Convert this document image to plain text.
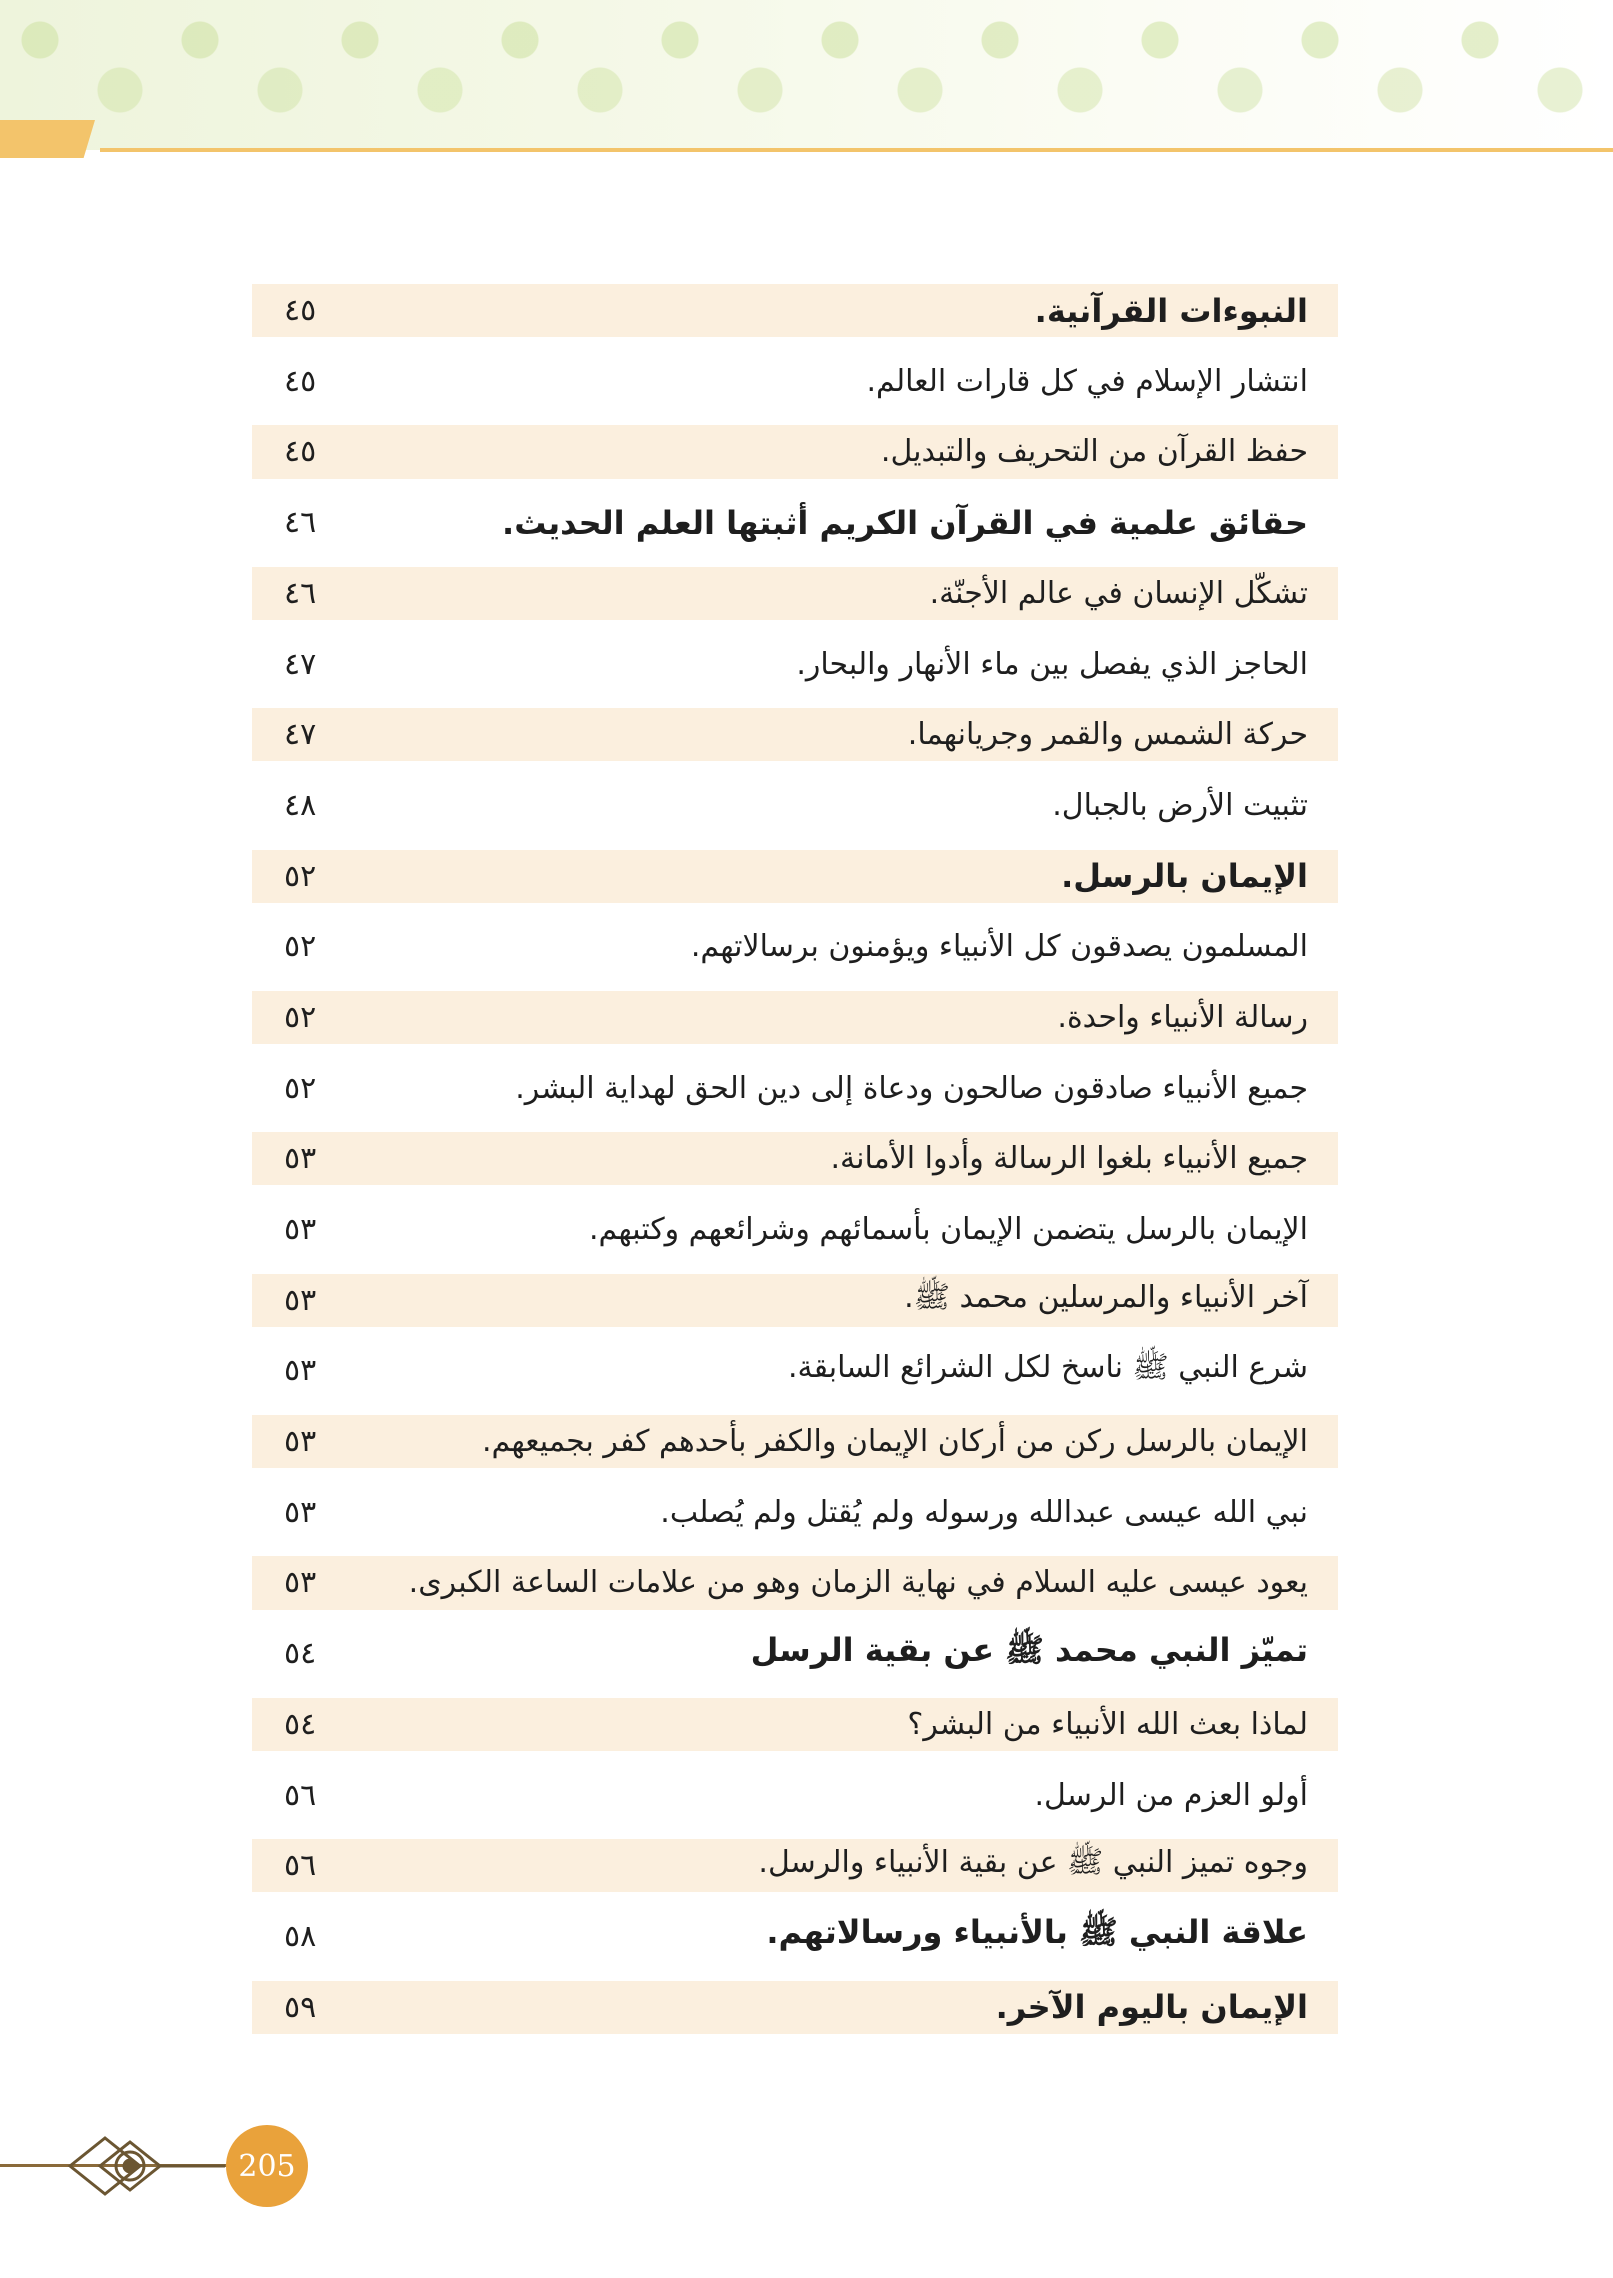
النبوءات القرآنية.
٤٥
انتشار الإسلام في كل قارات العالم.
٤٥
حفظ القرآن من التحريف والتبديل.
٤٥
حقائق علمية في القرآن الكريم أثبتها العلم الحديث.
٤٦
تشكّل الإنسان في عالم الأجنّة.
٤٦
الحاجز الذي يفصل بين ماء الأنهار والبحار.
٤٧
حركة الشمس والقمر وجريانهما.
٤٧
تثبيت الأرض بالجبال.
٤٨
الإيمان بالرسل.
٥٢
المسلمون يصدقون كل الأنبياء ويؤمنون برسالاتهم.
٥٢
رسالة الأنبياء واحدة.
٥٢
جميع الأنبياء صادقون صالحون ودعاة إلى دين الحق لهداية البشر.
٥٢
جميع الأنبياء بلغوا الرسالة وأدوا الأمانة.
٥٣
الإيمان بالرسل يتضمن الإيمان بأسمائهم وشرائعهم وكتبهم.
٥٣
آخر الأنبياء والمرسلين محمد ﷺ.
٥٣
شرع النبي ﷺ ناسخ لكل الشرائع السابقة.
٥٣
الإيمان بالرسل ركن من أركان الإيمان والكفر بأحدهم كفر بجميعهم.
٥٣
نبي الله عيسى عبدالله ورسوله ولم يُقتل ولم يُصلب.
٥٣
يعود عيسى عليه السلام في نهاية الزمان وهو من علامات الساعة الكبرى.
٥٣
تميّز النبي محمد ﷺ عن بقية الرسل
٥٤
لماذا بعث الله الأنبياء من البشر؟
٥٤
أولو العزم من الرسل.
٥٦
وجوه تميز النبي ﷺ عن بقية الأنبياء والرسل.
٥٦
علاقة النبي ﷺ بالأنبياء ورسالاتهم.
٥٨
الإيمان باليوم الآخر.
٥٩
205
